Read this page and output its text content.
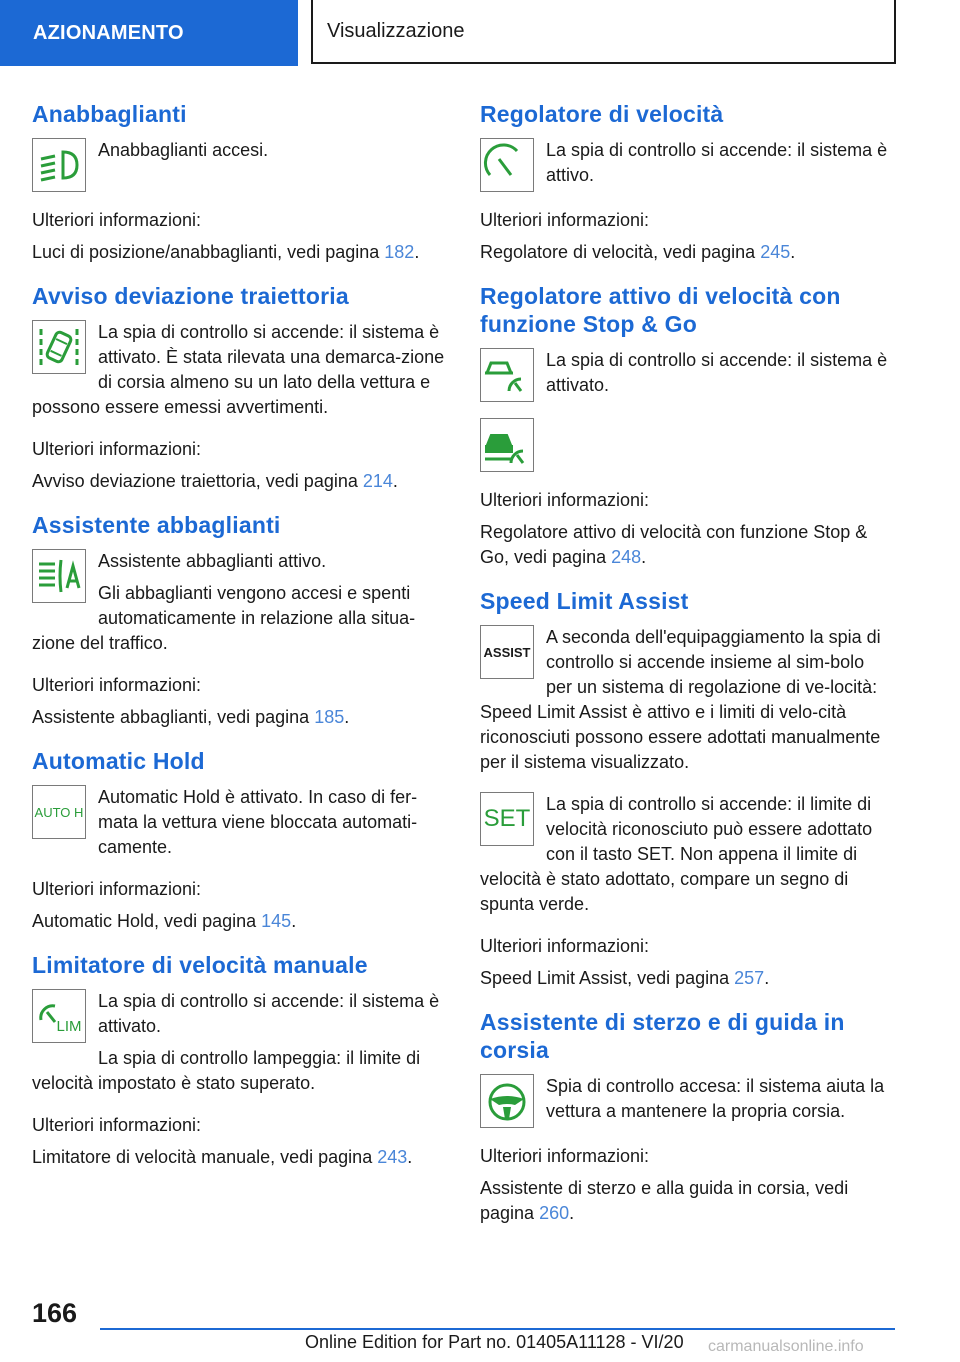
AZIONAMENTO	Visualizzazione
Anabbaglianti

Anabbaglianti accesi.

Ulteriori informazioni:

Luci di posizione/anabbaglianti, vedi pagina 182.

Avviso deviazione traiettoria

La spia di controllo si accende: il sistema è attivato. È stata rilevata una demarca-zione di corsia almeno su un lato della vettura e possono essere emessi avvertimenti.

Ulteriori informazioni:

Avviso deviazione traiettoria, vedi pagina 214.

Assistente abbaglianti

Assistente abbaglianti attivo.

Gli abbaglianti vengono accesi e spenti automaticamente in relazione alla situa-zione del traffico.

Ulteriori informazioni:

Assistente abbaglianti, vedi pagina 185.

Automatic Hold
AUTO H

Automatic Hold è attivato. In caso di fer-mata la vettura viene bloccata automati-camente.

Ulteriori informazioni:

Automatic Hold, vedi pagina 145.

Limitatore di velocità manuale
LIM

La spia di controllo si accende: il sistema è attivato.

La spia di controllo lampeggia: il limite di velocità impostato è stato superato.

Ulteriori informazioni:

Limitatore di velocità manuale, vedi pagina 243.

Regolatore di velocità

La spia di controllo si accende: il sistema è attivo.

Ulteriori informazioni:

Regolatore di velocità, vedi pagina 245.

Regolatore attivo di velocità con funzione Stop & Go

La spia di controllo si accende: il sistema è attivato.

Ulteriori informazioni:

Regolatore attivo di velocità con funzione Stop & Go, vedi pagina 248.

Speed Limit Assist
ASSIST

A seconda dell'equipaggiamento la spia di controllo si accende insieme al sim-bolo per un sistema di regolazione di ve-locità: Speed Limit Assist è attivo e i limiti di velo-cità riconosciuti possono essere adottati manualmente per il sistema visualizzato.

SET

La spia di controllo si accende: il limite di velocità riconosciuto può essere adottato con il tasto SET. Non appena il limite di velocità è stato adottato, compare un segno di spunta verde.

Ulteriori informazioni:

Speed Limit Assist, vedi pagina 257.

Assistente di sterzo e di guida in corsia

Spia di controllo accesa: il sistema aiuta la vettura a mantenere la propria corsia.

Ulteriori informazioni:

Assistente di sterzo e alla guida in corsia, vedi pagina 260.

166
Online Edition for Part no. 01405A11128 - VI/20 carmanualsonline.info
